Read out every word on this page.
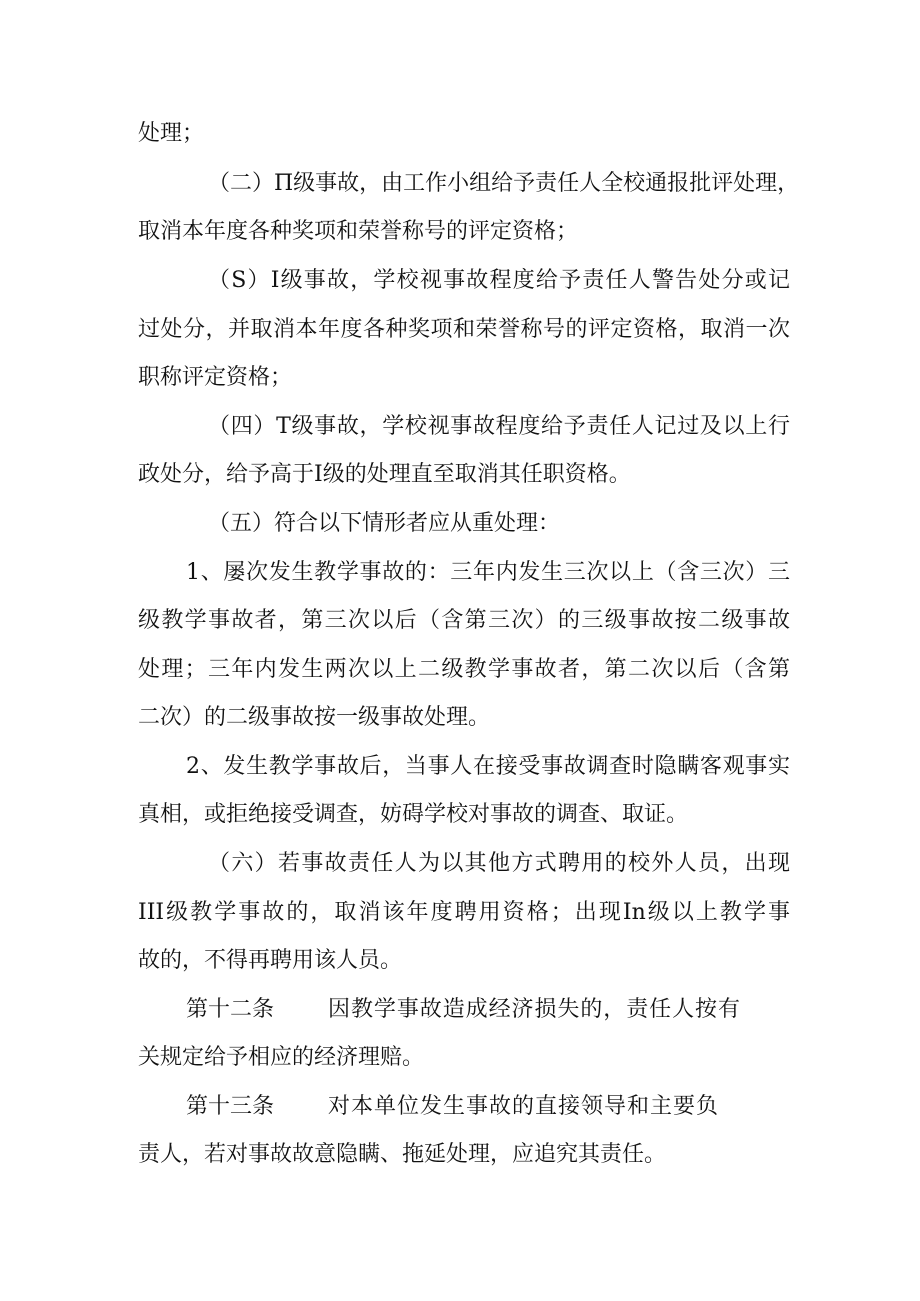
处理；
（二）Π级事故，由工作小组给予责任人全校通报批评处理，
取消本年度各种奖项和荣誉称号的评定资格；
（S）Ⅰ级事故，学校视事故程度给予责任人警告处分或记
过处分，并取消本年度各种奖项和荣誉称号的评定资格，取消一次
职称评定资格；
（四）T级事故，学校视事故程度给予责任人记过及以上行
政处分，给予高于Ⅰ级的处理直至取消其任职资格。
（五）符合以下情形者应从重处理：
1、屡次发生教学事故的：三年内发生三次以上（含三次）三
级教学事故者，第三次以后（含第三次）的三级事故按二级事故
处理；三年内发生两次以上二级教学事故者，第二次以后（含第
二次）的二级事故按一级事故处理。
2、发生教学事故后，当事人在接受事故调查时隐瞒客观事实
真相，或拒绝接受调查，妨碍学校对事故的调查、取证。
（六）若事故责任人为以其他方式聘用的校外人员，出现
III级教学事故的，取消该年度聘用资格；出现In级以上教学事
故的，不得再聘用该人员。
第十二条 因教学事故造成经济损失的，责任人按有
关规定给予相应的经济理赔。
第十三条 对本单位发生事故的直接领导和主要负
责人，若对事故故意隐瞒、拖延处理，应追究其责任。
